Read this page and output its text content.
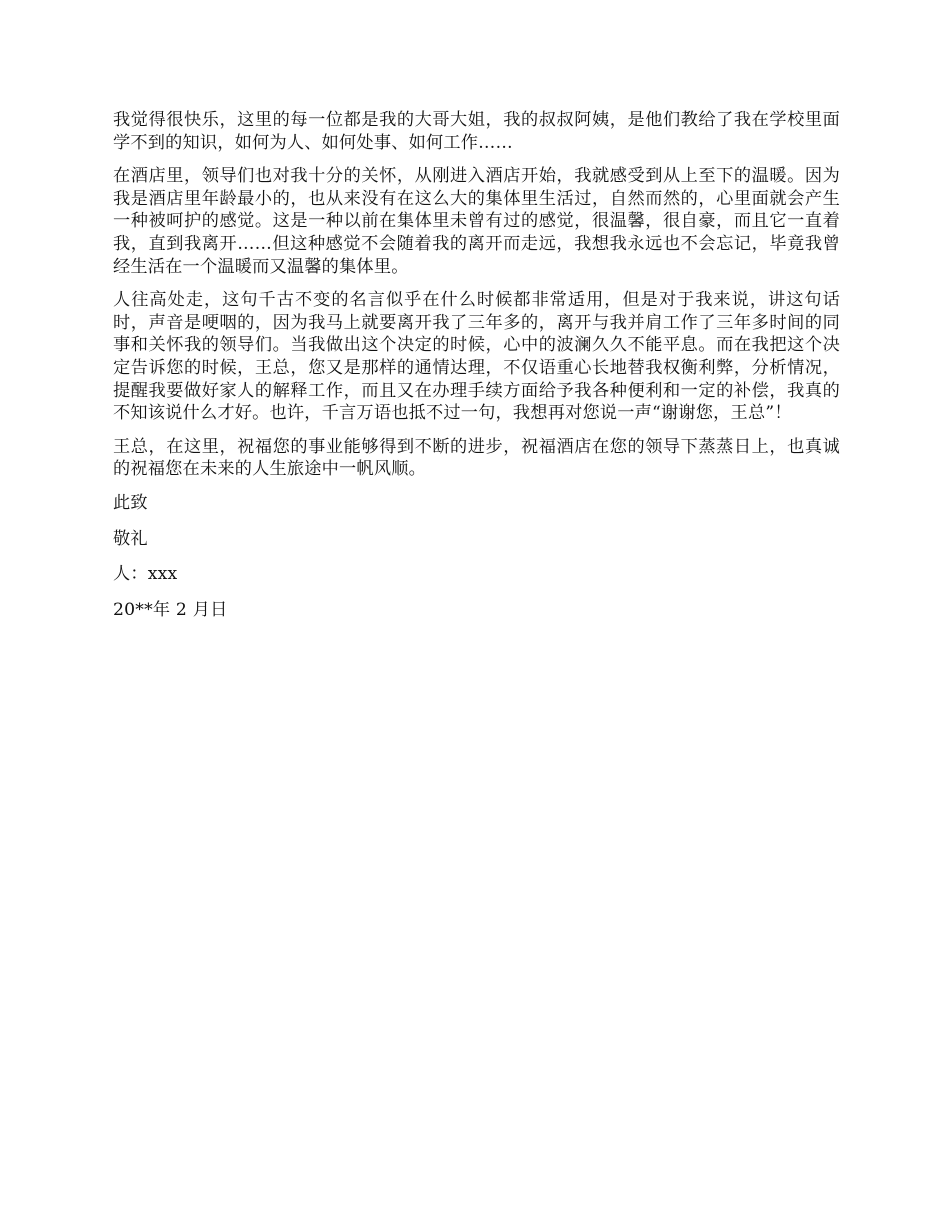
我觉得很快乐，这里的每一位都是我的大哥大姐，我的叔叔阿姨，是他们教给了我在学校里面学不到的知识，如何为人、如何处事、如何工作……

在酒店里，领导们也对我十分的关怀，从刚进入酒店开始，我就感受到从上至下的温暖。因为我是酒店里年龄最小的，也从来没有在这么大的集体里生活过，自然而然的，心里面就会产生一种被呵护的感觉。这是一种以前在集体里未曾有过的感觉，很温馨，很自豪，而且它一直着我，直到我离开……但这种感觉不会随着我的离开而走远，我想我永远也不会忘记，毕竟我曾经生活在一个温暖而又温馨的集体里。

人往高处走，这句千古不变的名言似乎在什么时候都非常适用，但是对于我来说，讲这句话时，声音是哽咽的，因为我马上就要离开我了三年多的，离开与我并肩工作了三年多时间的同事和关怀我的领导们。当我做出这个决定的时候，心中的波澜久久不能平息。而在我把这个决定告诉您的时候，王总，您又是那样的通情达理，不仅语重心长地替我权衡利弊，分析情况，提醒我要做好家人的解释工作，而且又在办理手续方面给予我各种便利和一定的补偿，我真的不知该说什么才好。也许，千言万语也抵不过一句，我想再对您说一声“谢谢您，王总”！

王总，在这里，祝福您的事业能够得到不断的进步，祝福酒店在您的领导下蒸蒸日上，也真诚的祝福您在未来的人生旅途中一帆风顺。

此致

敬礼

人：xxx

20**年 2 月日
